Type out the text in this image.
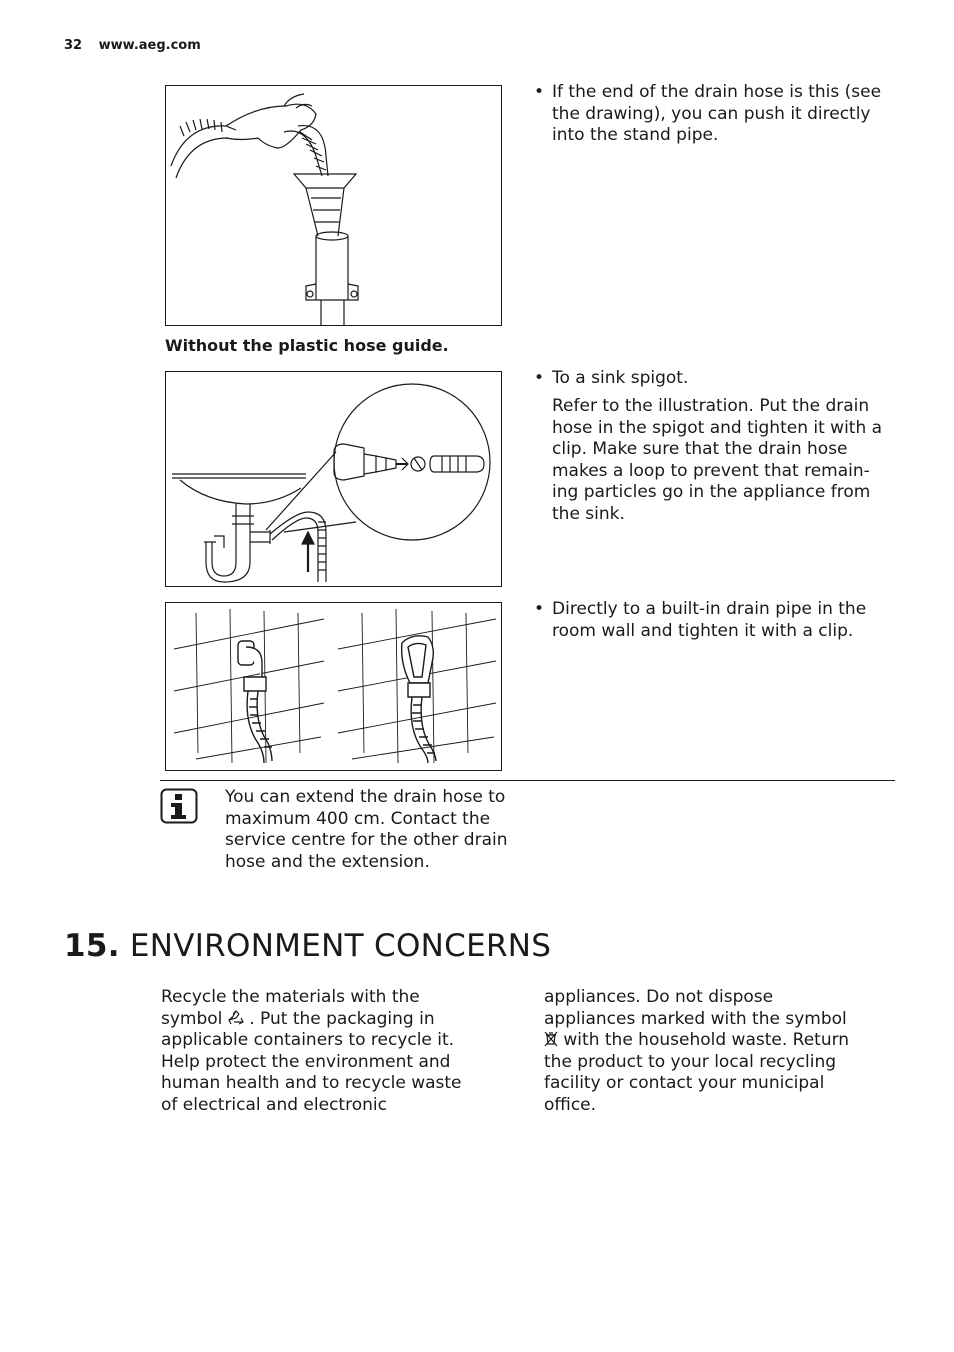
32 www.aeg.com
• If the end of the drain hose is this (see the drawing), you can push it directly into the stand pipe.
Without the plastic hose guide.
• To a sink spigot.
Refer to the illustration. Put the drain hose in the spigot and tighten it with a clip. Make sure that the drain hose makes a loop to prevent that remain-ing particles go in the appliance from the sink.
• Directly to a built-in drain pipe in the room wall and tighten it with a clip.
You can extend the drain hose to maximum 400 cm. Contact the service centre for the other drain hose and the extension.
15. ENVIRONMENT CONCERNS
Recycle the materials with the symbol . Put the packaging in applicable containers to recycle it. Help protect the environment and human health and to recycle waste of electrical and electronic
appliances. Do not dispose appliances marked with the symbol  with the household waste. Return the product to your local recycling facility or contact your municipal office.
